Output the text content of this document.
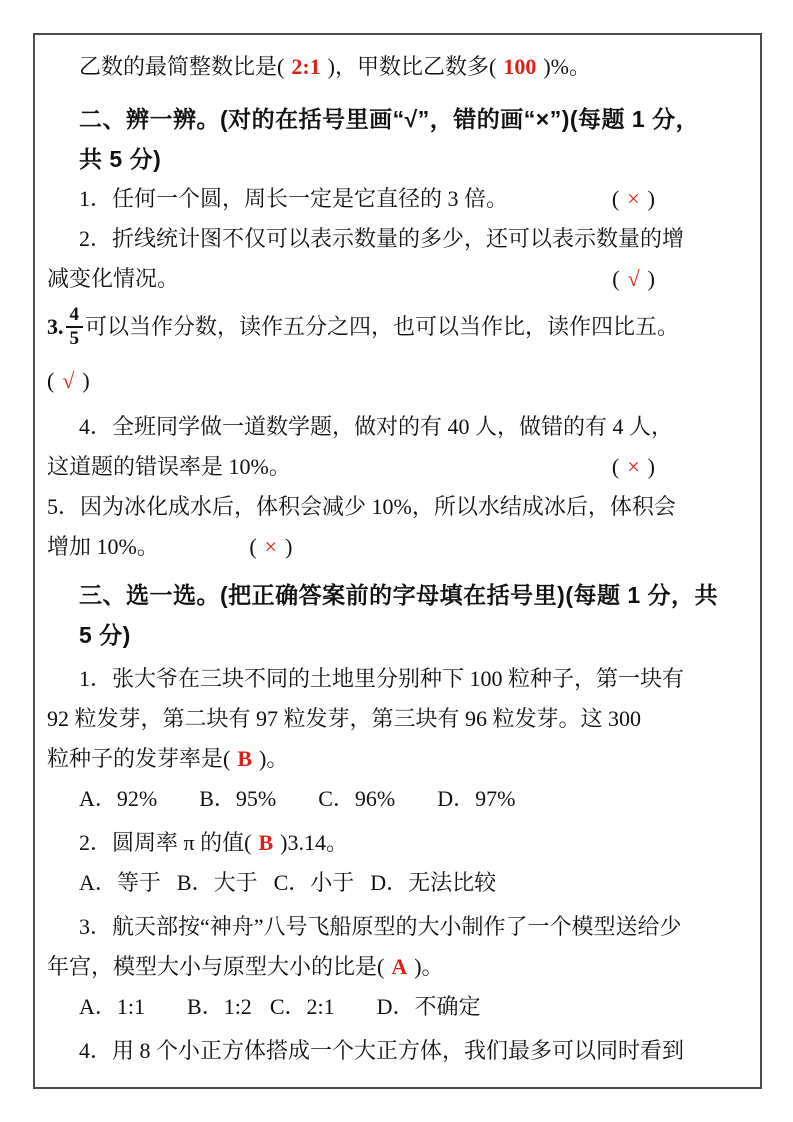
乙数的最简整数比是( 2:1 )，甲数比乙数多( 100 )%。
二、辨一辨。(对的在括号里画“√”，错的画“×”)(每题 1 分，
共 5 分)
1．任何一个圆，周长一定是它直径的 3 倍。	( × )
2．折线统计图不仅可以表示数量的多少，还可以表示数量的增
减变化情况。	( √ )
3. $\frac{4}{5}$ 可以当作分数，读作五分之四，也可以当作比，读作四比五。
( √ )
4．全班同学做一道数学题，做对的有 40 人，做错的有 4 人，
这道题的错误率是 10%。	( × )
5．因为冰化成水后，体积会减少 10%，所以水结成冰后，体积会
增加 10%。	( × )
三、选一选。(把正确答案前的字母填在括号里)(每题 1 分，共
5 分)
1．张大爷在三块不同的土地里分别种下 100 粒种子，第一块有
92 粒发芽，第二块有 97 粒发芽，第三块有 96 粒发芽。这 300
粒种子的发芽率是( B )。
A．92% B．95% C．96% D．97%
2．圆周率 π 的值( B )3.14。
A．等于 B．大于 C．小于 D．无法比较
3．航天部按“神舟”八号飞船原型的大小制作了一个模型送给少
年宫，模型大小与原型大小的比是( A )。
A．1:1 B．1:2 C．2:1 D．不确定
4．用 8 个小正方体搭成一个大正方体，我们最多可以同时看到
